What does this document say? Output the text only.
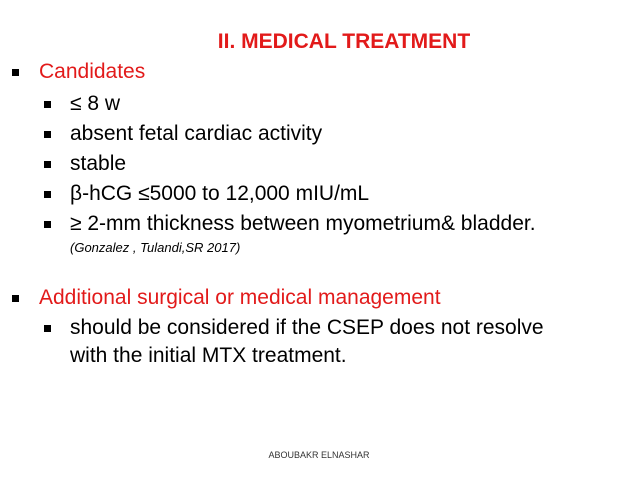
II. MEDICAL TREATMENT
Candidates
≤ 8 w
absent fetal cardiac activity
stable
β-hCG ≤5000 to 12,000 mIU/mL
≥ 2-mm thickness between myometrium& bladder.
(Gonzalez , Tulandi,SR 2017)
Additional surgical or medical management
should be considered if the CSEP does not resolve
with the initial MTX treatment.
ABOUBAKR ELNASHAR
